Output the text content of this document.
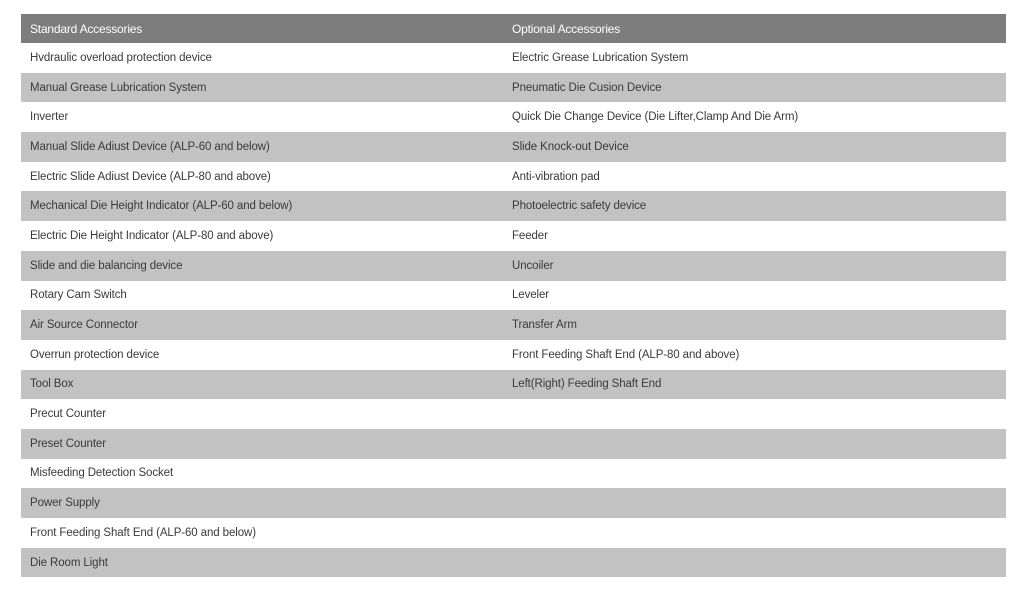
Standard Accessories	Optional Accessories
Hvdraulic overload protection device	Electric Grease Lubrication System
Manual Grease Lubrication System	Pneumatic Die Cusion Device
Inverter	Quick Die Change Device (Die Lifter,Clamp And Die Arm)
Manual Slide Adiust Device (ALP-60 and below)	Slide Knock-out Device
Electric Slide Adiust Device (ALP-80 and above)	Anti-vibration pad
Mechanical Die Height Indicator (ALP-60 and below)	Photoelectric safety device
Electric Die Height Indicator (ALP-80 and above)	Feeder
Slide and die balancing device	Uncoiler
Rotary Cam Switch	Leveler
Air Source Connector	Transfer Arm
Overrun protection device	Front Feeding Shaft End (ALP-80 and above)
Tool Box	Left(Right) Feeding Shaft End
Precut Counter	
Preset Counter	
Misfeeding Detection Socket	
Power Supply	
Front Feeding Shaft End (ALP-60 and below)	
Die Room Light	
